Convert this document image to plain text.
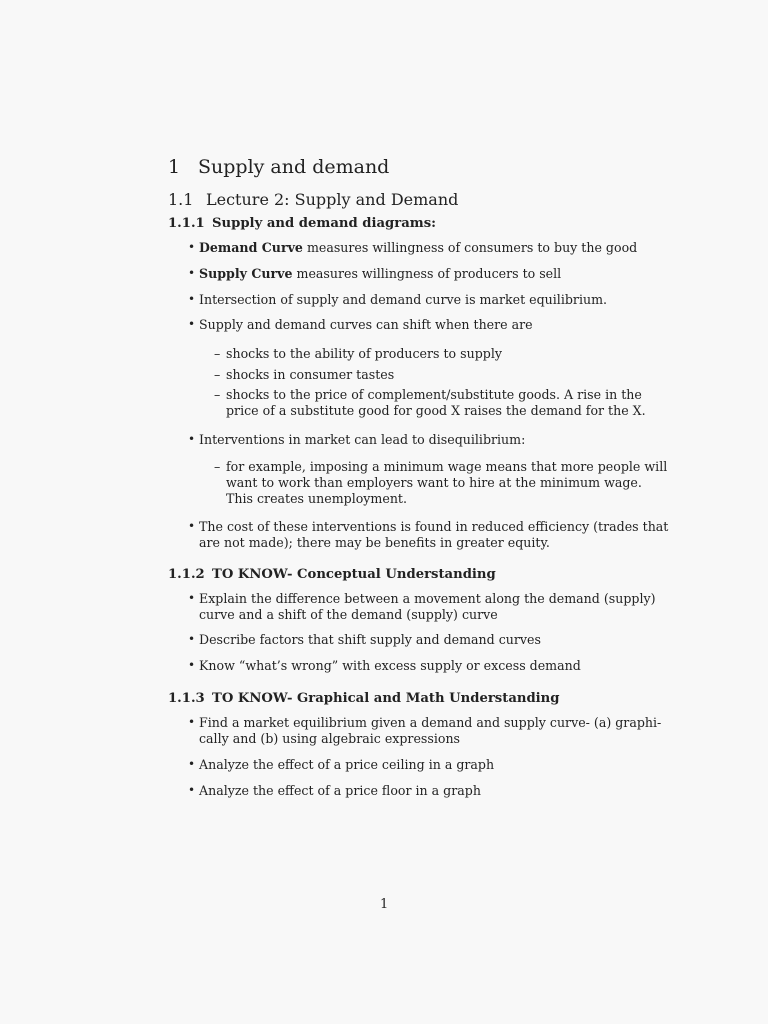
1 Supply and demand
1.1 Lecture 2: Supply and Demand
1.1.1 Supply and demand diagrams:
• Demand Curve measures willingness of consumers to buy the good
• Supply Curve measures willingness of producers to sell
• Intersection of supply and demand curve is market equilibrium.
• Supply and demand curves can shift when there are
– shocks to the ability of producers to supply
– shocks in consumer tastes
– shocks to the price of complement/substitute goods. A rise in the
price of a substitute good for good X raises the demand for the X.
• Interventions in market can lead to disequilibrium:
– for example, imposing a minimum wage means that more people will
want to work than employers want to hire at the minimum wage.
This creates unemployment.
• The cost of these interventions is found in reduced efficiency (trades that
are not made); there may be benefits in greater equity.
1.1.2 TO KNOW- Conceptual Understanding
• Explain the difference between a movement along the demand (supply)
curve and a shift of the demand (supply) curve
• Describe factors that shift supply and demand curves
• Know “what’s wrong” with excess supply or excess demand
1.1.3 TO KNOW- Graphical and Math Understanding
• Find a market equilibrium given a demand and supply curve- (a) graphi-
cally and (b) using algebraic expressions
• Analyze the effect of a price ceiling in a graph
• Analyze the effect of a price floor in a graph
1
